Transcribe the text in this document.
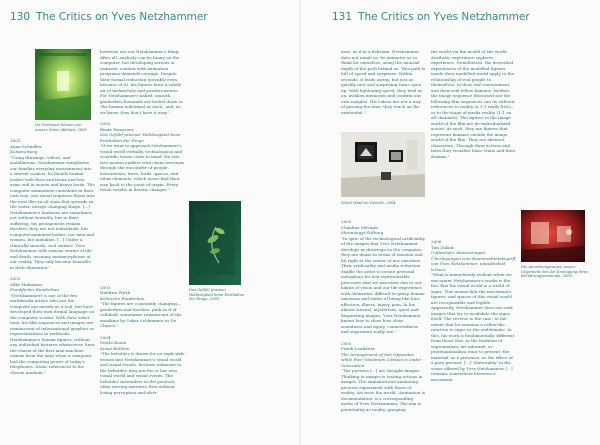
130 The Critics on Yves Netzhammer
Im Vertrauen können wir unsere Sinne ablösen, 2003
2003
Anna Schindler
Kunstzeitung

"Using drawings, videos, and installations, Netzhammer transforms our familiar everyday environment into a surreal cosmos; he blends human bodies with flora and fauna and lets arms end in snouts and heavy hoofs. The computer animations contribute in their own way: one visual sequence floats into the next like an oil stain that spreads on the water, always changing shape. [...] Netzhammer's fantasies are sometimes not without brutality, but in their suffering, his protagonists remain faceless: they are not individuals, but computer-animated bodies, not men and women, but manikins. [...] Under a clinically smooth, cool surface, Yves Netzhammer tells serious stories of life and death, uncanny metamorphoses of our reality. They only become bearable in their alienation."

2003
Silke Hohmann
Frankfurter Rundschau

"[Netzhammer] is one of the few multimedia artists who use the computer not merely as a tool, but have developed their own formal language on the computer screen. With their sober tone, his film sequences and images are reminiscent of informational graphics or representations in textbooks. Netzhammer's human figures, without any individual features whatsoever, have the charm of the first man-machine visions from the days when a computer had the computing power of today's telephones. Ironic references to his chosen medium,"

however, are not Netzhammer's thing. After all, anybody can be funny on the computer, but developing serious or romantic content with animation programs demands courage. Despite their formal reduction (possibly even because of it), his figures have a subtle air of melancholy and ponderousness. For Netzhammer's naked, smooth, genderless hominids are boiled down to 'the human individual as such,' and, as we know, they don't have it easy."

2003
Beate Ermacora
Das Gefühl präziser Haltlosigkeit beim Festhalten der Dinge

"If we want to approach Netzhammer's visual world verbally, technological and scientific terms come to mind. He sets into motion endless vital chain reactions through the encounter of people, instruments, trees, birds, spaces, and other elements, which never find their way back to the point of origin. Every touch results in drastic changes."

2003
Heidrun Wirth
Kölnische Rundschau

"The figures are constantly changing—genderless and faceless, pink as if of celluloid, sometimes reminiscent of the manikins by Oskar Schlemmer or De Chirico."

2004
Gisela Kuoni
Kunst-Bulletin

"The beholder is drawn for no explicable reason into Netzhammer's visual world and visual events, because unknown to the beholder, they are his or her own visual world and visual events. The beholder surrenders to the poetical, often moving narrative flow without losing perception and alert-

Das Gefühl präziser Haltlosigkeit beim Festhalten der Dinge, 2003
131 The Critics on Yves Netzhammer

ness, as if in a delirium. Netzhammer does not numb us, he animates us to think for ourselves, using the unusual depth of the path behind us. This path is full of speed and surprises. Within seconds, it leads astray, but just as quickly new and surprising turns open up. With lightening speed, they lead us on, awaken memories and confirm our own insights. His videos are not a way of passing the time, they touch on the existential."

2005
Claudine Metzger
Marianoggi-Stiftung

"In spite of the technological artificiality of the images that Yves Netzhammer develops as drawings on the computer, they are dense in terms of emotion and hit right at the center of our emotions. Their artificiality and media reduction enable the artist to create personal metaphors for non-representable processes that we associate due to our habits of vision and our life experience with elemental, difficult-to-grasp human emotions and states of being like love, affection, illness, injury, pain. In his almost surreal, mysterious, quiet and disquieting images, Yves Netzhammer knows how to show how close soundness and injury, connectedness and separation really are."

2005
Frank Laukötter
The Arrangement of two Opposites while their Maximum Contact is under Generation

"The pictures [...] are thought-images. Thinking in images is testing actions in images. The animated and animating pictures experiment with those of reality. Art tests the world. 'Animation is documentation' is a corresponding motto of Yves Netzhammer. The aim is potentiality as reality, grasping

Silent Wind im Gesicht, 2004

the world via the model of the world. Aesthetic experience replaces experience. Nonetheless, the described experiences of the modelled figures inside their modelled world apply to the relationship of real people to themselves, to their real environment and their real fellow humans. Neither the image sequence discussed nor the following film sequences can do without references to reality (a 1:1 really live)—or to the stage of media reality (1:1 on all channels). The figures in the image world of the film are de-individualized actors. As such, they are figures that represent humans outside the image world of the film. They are abstract characters. Through their actions and fates they visualize basic traits and their dramas."

2006
Tim Zulauf
Unfassbare Abmessungen. Überlegungen zum Raumrealitätsbegriff von Yves Netzhammer, unpublished lecture

"What is immediately evident when we encounter Netzhammer's works is the fact that his visual world is a world of signs. This means that the movements, figures, and spaces of this visual world are recognizable and legible. Apparently, Netzhammer does not seek images that try to invalidate the signs itself. The reverse is the case, to the extent that he assumes a reflex-like reaction to signs or the emblematic. In this, his work is fundamentally different from those that, in the tradition of suprematism, art informel, or proteminimalism want to present 'the material' as a presence, as the effect of a pure present. [...] 'Materiality' in the sense offered by Yves Netzhammer [...] remains somewhere between a movement

Die Anordnungsweise zweier Gegenteile bei der Erzeugung ihres Berührungsmoments, 2005
